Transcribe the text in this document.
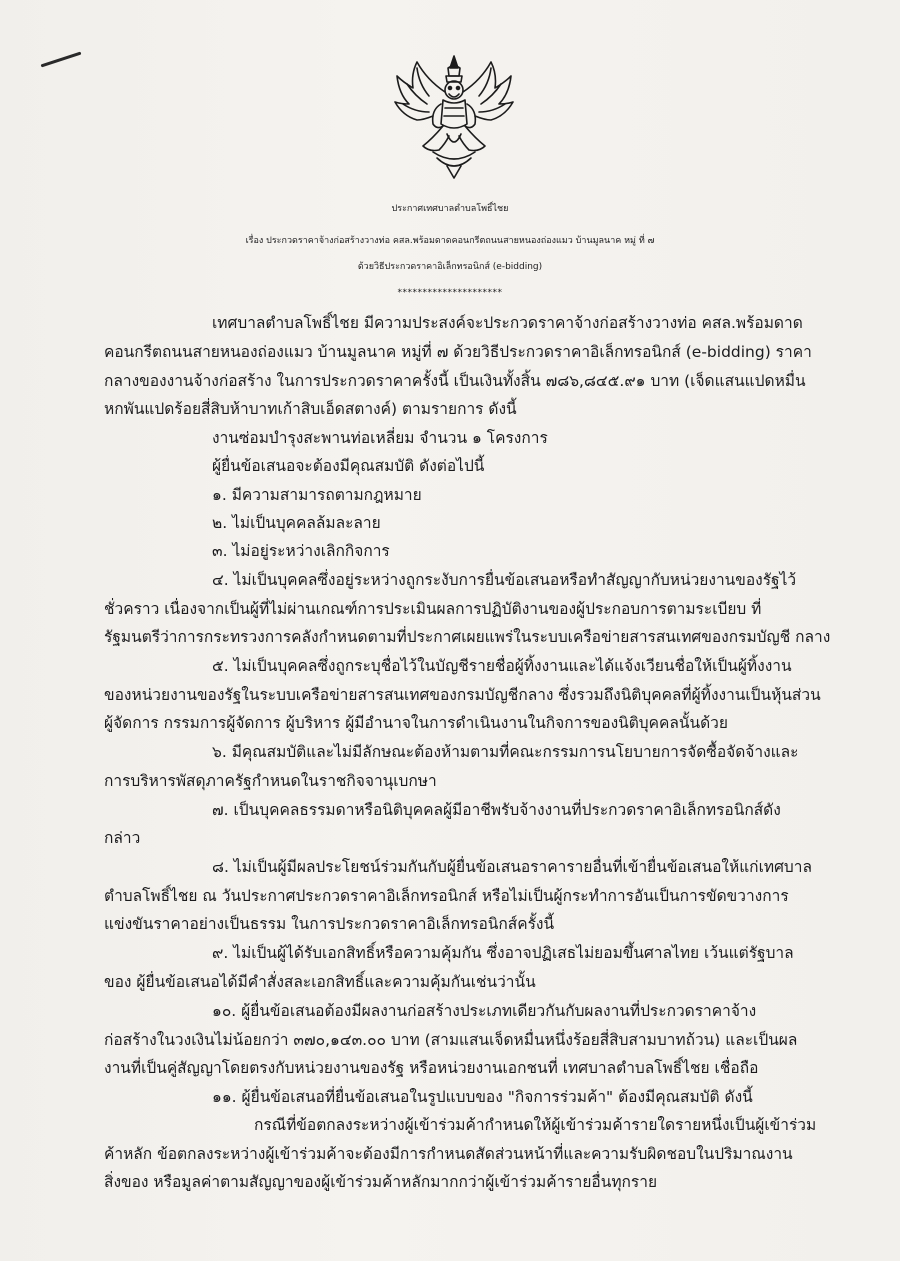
ประกาศเทศบาลตำบลโพธิ์ไชย
เรื่อง ประกวดราคาจ้างก่อสร้างวางท่อ คสล.พร้อมดาดคอนกรีตถนนสายหนองถ่องแมว บ้านมูลนาค หมู่ ที่ ๗
ด้วยวิธีประกวดราคาอิเล็กทรอนิกส์ (e-bidding)
*********************
เทศบาลตำบลโพธิ์ไชย มีความประสงค์จะประกวดราคาจ้างก่อสร้างวางท่อ คสล.พร้อมดาด
คอนกรีตถนนสายหนองถ่องแมว บ้านมูลนาค หมู่ที่ ๗ ด้วยวิธีประกวดราคาอิเล็กทรอนิกส์ (e-bidding) ราคา
กลางของงานจ้างก่อสร้าง ในการประกวดราคาครั้งนี้ เป็นเงินทั้งสิ้น ๗๘๖,๘๔๕.๙๑ บาท (เจ็ดแสนแปดหมื่น
หกพันแปดร้อยสี่สิบห้าบาทเก้าสิบเอ็ดสตางค์) ตามรายการ ดังนี้
งานซ่อมบำรุงสะพานท่อเหลี่ยม จำนวน ๑ โครงการ
ผู้ยื่นข้อเสนอจะต้องมีคุณสมบัติ ดังต่อไปนี้
๑. มีความสามารถตามกฎหมาย
๒. ไม่เป็นบุคคลล้มละลาย
๓. ไม่อยู่ระหว่างเลิกกิจการ
๔. ไม่เป็นบุคคลซึ่งอยู่ระหว่างถูกระงับการยื่นข้อเสนอหรือทำสัญญากับหน่วยงานของรัฐไว้
ชั่วคราว เนื่องจากเป็นผู้ที่ไม่ผ่านเกณฑ์การประเมินผลการปฏิบัติงานของผู้ประกอบการตามระเบียบ ที่
รัฐมนตรีว่าการกระทรวงการคลังกำหนดตามที่ประกาศเผยแพร่ในระบบเครือข่ายสารสนเทศของกรมบัญชี กลาง
๕. ไม่เป็นบุคคลซึ่งถูกระบุชื่อไว้ในบัญชีรายชื่อผู้ทิ้งงานและได้แจ้งเวียนชื่อให้เป็นผู้ทิ้งงาน
ของหน่วยงานของรัฐในระบบเครือข่ายสารสนเทศของกรมบัญชีกลาง ซึ่งรวมถึงนิติบุคคลที่ผู้ทิ้งงานเป็นหุ้นส่วน
ผู้จัดการ กรรมการผู้จัดการ ผู้บริหาร ผู้มีอำนาจในการดำเนินงานในกิจการของนิติบุคคลนั้นด้วย
๖. มีคุณสมบัติและไม่มีลักษณะต้องห้ามตามที่คณะกรรมการนโยบายการจัดซื้อจัดจ้างและ
การบริหารพัสดุภาครัฐกำหนดในราชกิจจานุเบกษา
๗. เป็นบุคคลธรรมดาหรือนิติบุคคลผู้มีอาชีพรับจ้างงานที่ประกวดราคาอิเล็กทรอนิกส์ดัง
กล่าว
๘. ไม่เป็นผู้มีผลประโยชน์ร่วมกันกับผู้ยื่นข้อเสนอราคารายอื่นที่เข้ายื่นข้อเสนอให้แก่เทศบาล
ตำบลโพธิ์ไชย ณ วันประกาศประกวดราคาอิเล็กทรอนิกส์ หรือไม่เป็นผู้กระทำการอันเป็นการขัดขวางการ
แข่งขันราคาอย่างเป็นธรรม ในการประกวดราคาอิเล็กทรอนิกส์ครั้งนี้
๙. ไม่เป็นผู้ได้รับเอกสิทธิ์หรือความคุ้มกัน ซึ่งอาจปฏิเสธไม่ยอมขึ้นศาลไทย เว้นแต่รัฐบาล
ของ ผู้ยื่นข้อเสนอได้มีคำสั่งสละเอกสิทธิ์และความคุ้มกันเช่นว่านั้น
๑๐. ผู้ยื่นข้อเสนอต้องมีผลงานก่อสร้างประเภทเดียวกันกับผลงานที่ประกวดราคาจ้าง
ก่อสร้างในวงเงินไม่น้อยกว่า ๓๗๐,๑๔๓.๐๐ บาท (สามแสนเจ็ดหมื่นหนึ่งร้อยสี่สิบสามบาทถ้วน) และเป็นผล
งานที่เป็นคู่สัญญาโดยตรงกับหน่วยงานของรัฐ หรือหน่วยงานเอกชนที่ เทศบาลตำบลโพธิ์ไชย เชื่อถือ
๑๑. ผู้ยื่นข้อเสนอที่ยื่นข้อเสนอในรูปแบบของ "กิจการร่วมค้า" ต้องมีคุณสมบัติ ดังนี้
กรณีที่ข้อตกลงระหว่างผู้เข้าร่วมค้ากำหนดให้ผู้เข้าร่วมค้ารายใดรายหนึ่งเป็นผู้เข้าร่วม
ค้าหลัก ข้อตกลงระหว่างผู้เข้าร่วมค้าจะต้องมีการกำหนดสัดส่วนหน้าที่และความรับผิดชอบในปริมาณงาน
สิ่งของ หรือมูลค่าตามสัญญาของผู้เข้าร่วมค้าหลักมากกว่าผู้เข้าร่วมค้ารายอื่นทุกราย
